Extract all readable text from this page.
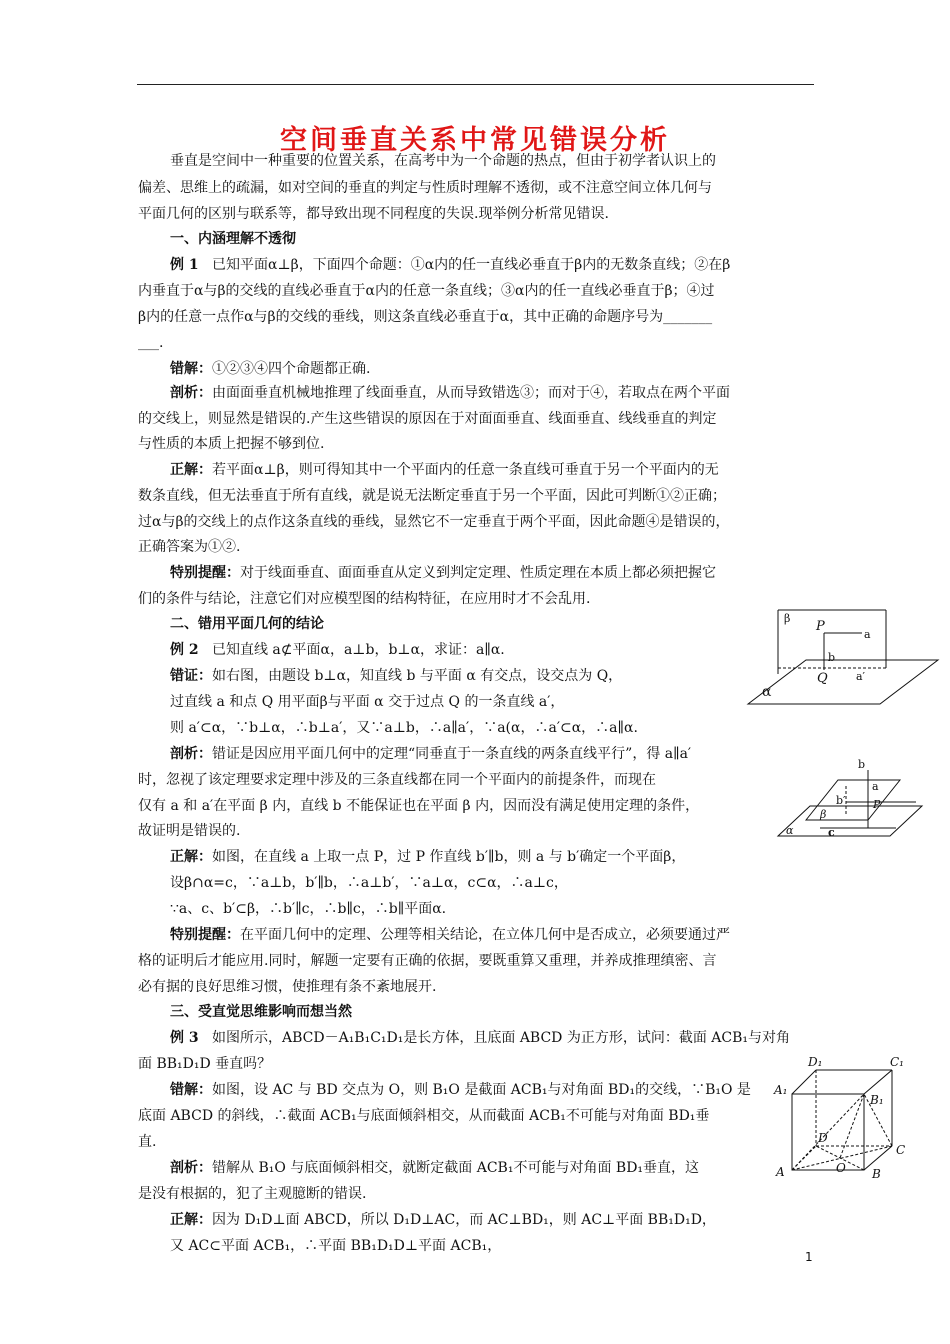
空间垂直关系中常见错误分析
垂直是空间中一种重要的位置关系，在高考中为一个命题的热点，但由于初学者认识上的
偏差、思维上的疏漏，如对空间的垂直的判定与性质时理解不透彻，或不注意空间立体几何与
平面几何的区别与联系等，都导致出现不同程度的失误.现举例分析常见错误.
一、内涵理解不透彻
例 1 已知平面α⊥β，下面四个命题：①α内的任一直线必垂直于β内的无数条直线；②在β
内垂直于α与β的交线的直线必垂直于α内的任意一条直线；③α内的任一直线必垂直于β；④过
β内的任意一点作α与β的交线的垂线，则这条直线必垂直于α，其中正确的命题序号为_______
___.
错解：①②③④四个命题都正确.
剖析：由面面垂直机械地推理了线面垂直，从而导致错选③；而对于④，若取点在两个平面
的交线上，则显然是错误的.产生这些错误的原因在于对面面垂直、线面垂直、线线垂直的判定
与性质的本质上把握不够到位.
正解：若平面α⊥β，则可得知其中一个平面内的任意一条直线可垂直于另一个平面内的无
数条直线，但无法垂直于所有直线，就是说无法断定垂直于另一个平面，因此可判断①②正确；
过α与β的交线上的点作这条直线的垂线，显然它不一定垂直于两个平面，因此命题④是错误的，
正确答案为①②.
特别提醒：对于线面垂直、面面垂直从定义到判定定理、性质定理在本质上都必须把握它
们的条件与结论，注意它们对应模型图的结构特征，在应用时才不会乱用.
二、错用平面几何的结论
例 2 已知直线 a⊄平面α，a⊥b，b⊥α，求证：a∥α.
错证：如右图，由题设 b⊥α，知直线 b 与平面 α 有交点，设交点为 Q，
过直线 a 和点 Q 用平面β与平面 α 交于过点 Q 的一条直线 a′，
则 a′⊂α，∵b⊥α，∴b⊥a′，又∵a⊥b，∴a∥a′，∵a(α，∴a′⊂α，∴a∥α.
剖析：错证是因应用平面几何中的定理“同垂直于一条直线的两条直线平行”，得 a∥a′
时，忽视了该定理要求定理中涉及的三条直线都在同一个平面内的前提条件，而现在
仅有 a 和 a′在平面 β 内，直线 b 不能保证也在平面 β 内，因而没有满足使用定理的条件，
故证明是错误的.
正解：如图，在直线 a 上取一点 P，过 P 作直线 b′∥b，则 a 与 b′确定一个平面β，
设β∩α=c，∵a⊥b，b′∥b，∴a⊥b′，∵a⊥α，c⊂α，∴a⊥c，
∵a、c、b′⊂β，∴b′∥c，∴b∥c，∴b∥平面α.
特别提醒：在平面几何中的定理、公理等相关结论，在立体几何中是否成立，必须要通过严
格的证明后才能应用.同时，解题一定要有正确的依据，要既重算又重理，并养成推理缜密、言
必有据的良好思维习惯，使推理有条不紊地展开.
三、受直觉思维影响而想当然
例 3 如图所示，ABCD－A₁B₁C₁D₁是长方体，且底面 ABCD 为正方形，试问：截面 ACB₁与对角
面 BB₁D₁D 垂直吗？
错解：如图，设 AC 与 BD 交点为 O，则 B₁O 是截面 ACB₁与对角面 BD₁的交线，∵B₁O 是
底面 ABCD 的斜线，∴截面 ACB₁与底面倾斜相交，从而截面 ACB₁不可能与对角面 BD₁垂
直.
剖析：错解从 B₁O 与底面倾斜相交，就断定截面 ACB₁不可能与对角面 BD₁垂直，这
是没有根据的，犯了主观臆断的错误.
正解：因为 D₁D⊥面 ABCD，所以 D₁D⊥AC，而 AC⊥BD₁，则 AC⊥平面 BB₁D₁D，
又 AC⊂平面 ACB₁，∴平面 BB₁D₁D⊥平面 ACB₁，
1
β
P
a
b
Q	a′
α
b
a
b′ P
β
α	c
D₁	C₁
A₁
B₁
D
C
A	O B
